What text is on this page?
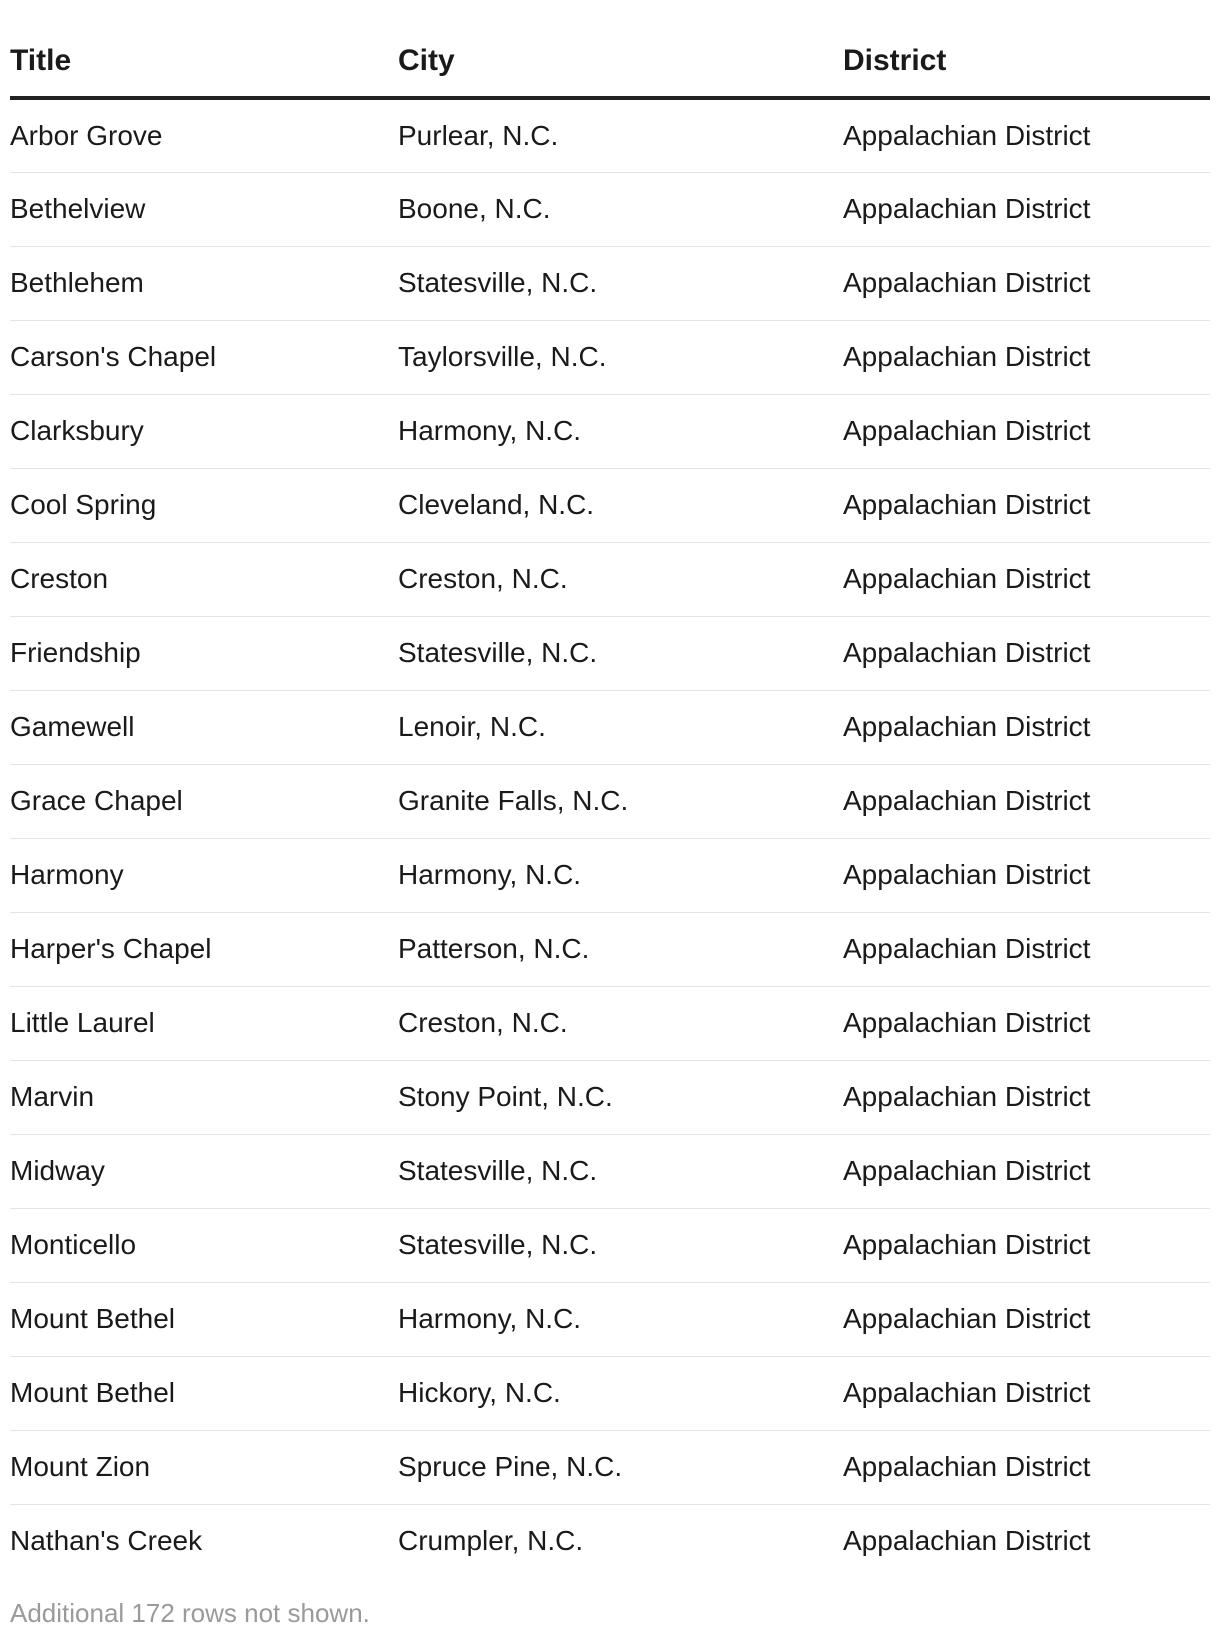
Title	City	District
Arbor Grove	Purlear, N.C.	Appalachian District
Bethelview	Boone, N.C.	Appalachian District
Bethlehem	Statesville, N.C.	Appalachian District
Carson's Chapel	Taylorsville, N.C.	Appalachian District
Clarksbury	Harmony, N.C.	Appalachian District
Cool Spring	Cleveland, N.C.	Appalachian District
Creston	Creston, N.C.	Appalachian District
Friendship	Statesville, N.C.	Appalachian District
Gamewell	Lenoir, N.C.	Appalachian District
Grace Chapel	Granite Falls, N.C.	Appalachian District
Harmony	Harmony, N.C.	Appalachian District
Harper's Chapel	Patterson, N.C.	Appalachian District
Little Laurel	Creston, N.C.	Appalachian District
Marvin	Stony Point, N.C.	Appalachian District
Midway	Statesville, N.C.	Appalachian District
Monticello	Statesville, N.C.	Appalachian District
Mount Bethel	Harmony, N.C.	Appalachian District
Mount Bethel	Hickory, N.C.	Appalachian District
Mount Zion	Spruce Pine, N.C.	Appalachian District
Nathan's Creek	Crumpler, N.C.	Appalachian District
Additional 172 rows not shown.
